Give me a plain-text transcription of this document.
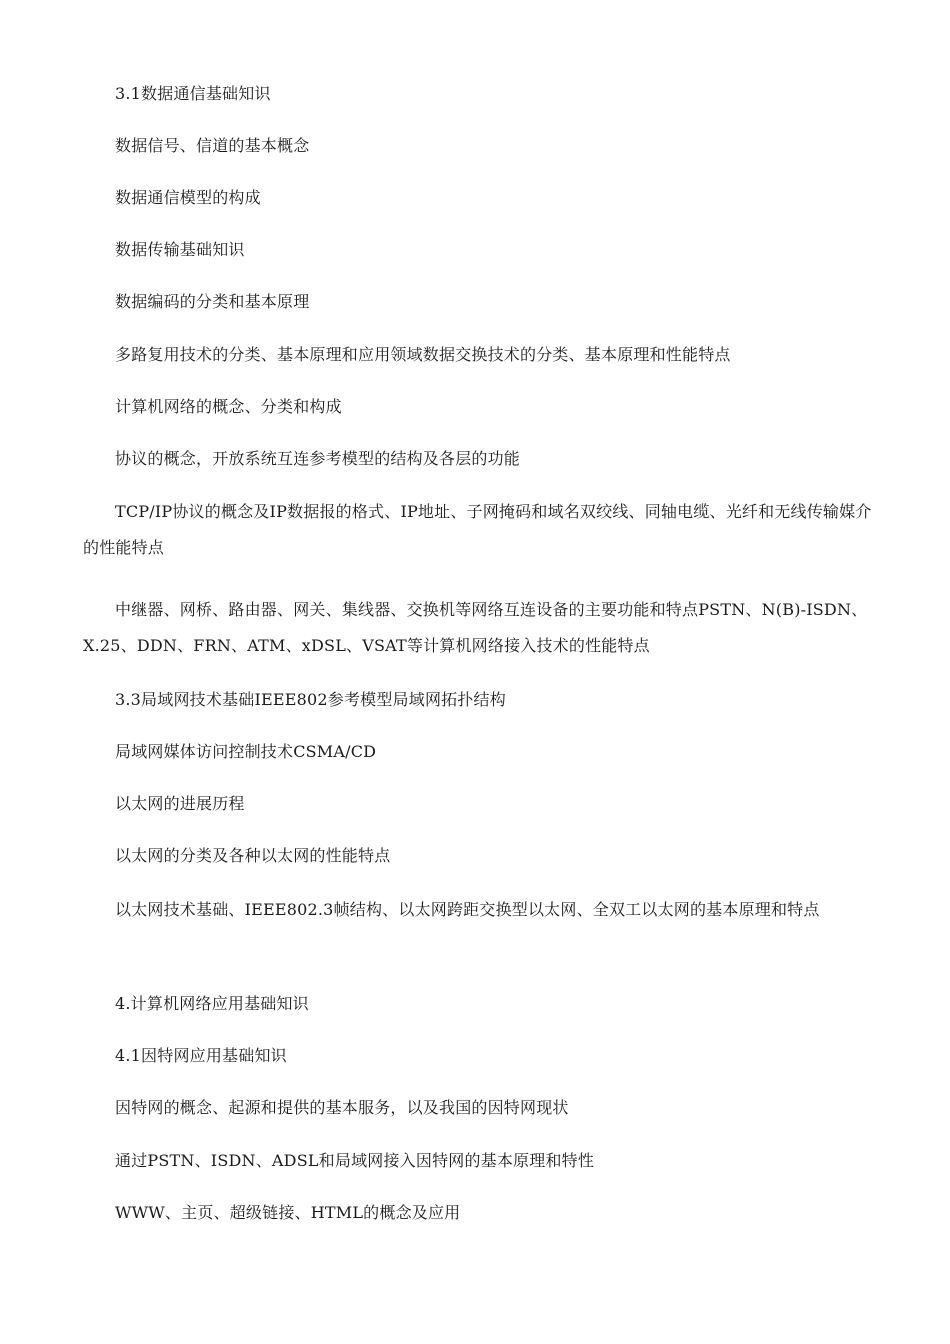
3.1数据通信基础知识

数据信号、信道的基本概念

数据通信模型的构成

数据传输基础知识

数据编码的分类和基本原理

多路复用技术的分类、基本原理和应用领域数据交换技术的分类、基本原理和性能特点

计算机网络的概念、分类和构成

协议的概念，开放系统互连参考模型的结构及各层的功能

TCP/IP协议的概念及IP数据报的格式、IP地址、子网掩码和域名双绞线、同轴电缆、光纤和无线传输媒介的性能特点

中继器、网桥、路由器、网关、集线器、交换机等网络互连设备的主要功能和特点PSTN、N(B)-ISDN、X.25、DDN、FRN、ATM、xDSL、VSAT等计算机网络接入技术的性能特点

3.3局域网技术基础IEEE802参考模型局域网拓扑结构

局域网媒体访问控制技术CSMA/CD

以太网的进展历程

以太网的分类及各种以太网的性能特点

以太网技术基础、IEEE802.3帧结构、以太网跨距交换型以太网、全双工以太网的基本原理和特点

4.计算机网络应用基础知识

4.1因特网应用基础知识

因特网的概念、起源和提供的基本服务，以及我国的因特网现状

通过PSTN、ISDN、ADSL和局域网接入因特网的基本原理和特性

WWW、主页、超级链接、HTML的概念及应用
